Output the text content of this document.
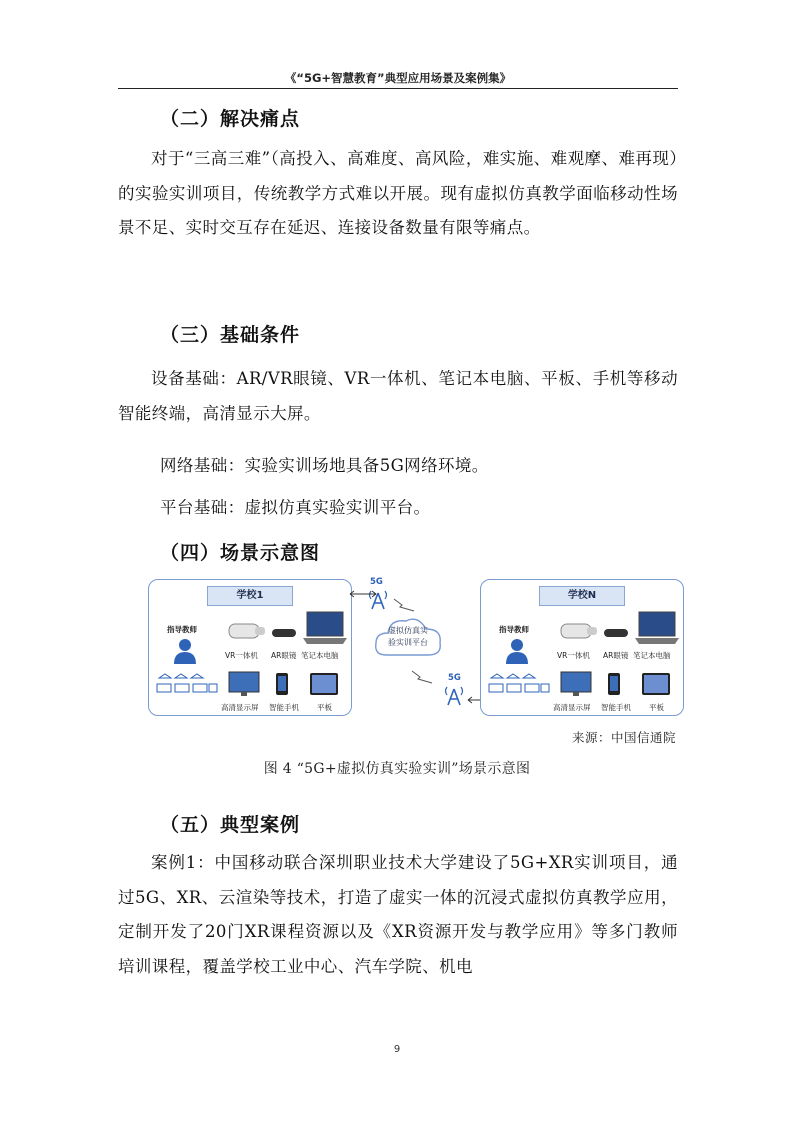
《“5G+智慧教育”典型应用场景及案例集》
（二）解决痛点

对于“三高三难”（高投入、高难度、高风险，难实施、难观摩、难再现）的实验实训项目，传统教学方式难以开展。现有虚拟仿真教学面临移动性场景不足、实时交互存在延迟、连接设备数量有限等痛点。

（三）基础条件

设备基础：AR/VR眼镜、VR一体机、笔记本电脑、平板、手机等移动智能终端，高清显示大屏。

网络基础：实验实训场地具备5G网络环境。

平台基础：虚拟仿真实验实训平台。

（四）场景示意图
学校1
指导教师
VR一体机 AR眼镜 笔记本电脑
高清显示屏 智能手机 平板
5G
虚拟仿真实
验实训平台
5G
学校N
指导教师
VR一体机 AR眼镜 笔记本电脑
高清显示屏 智能手机 平板
来源：中国信通院
图 4 “5G+虚拟仿真实验实训”场景示意图
（五）典型案例

案例1：中国移动联合深圳职业技术大学建设了5G+XR实训项目，通过5G、XR、云渲染等技术，打造了虚实一体的沉浸式虚拟仿真教学应用，定制开发了20门XR课程资源以及《XR资源开发与教学应用》等多门教师培训课程，覆盖学校工业中心、汽车学院、机电

9
